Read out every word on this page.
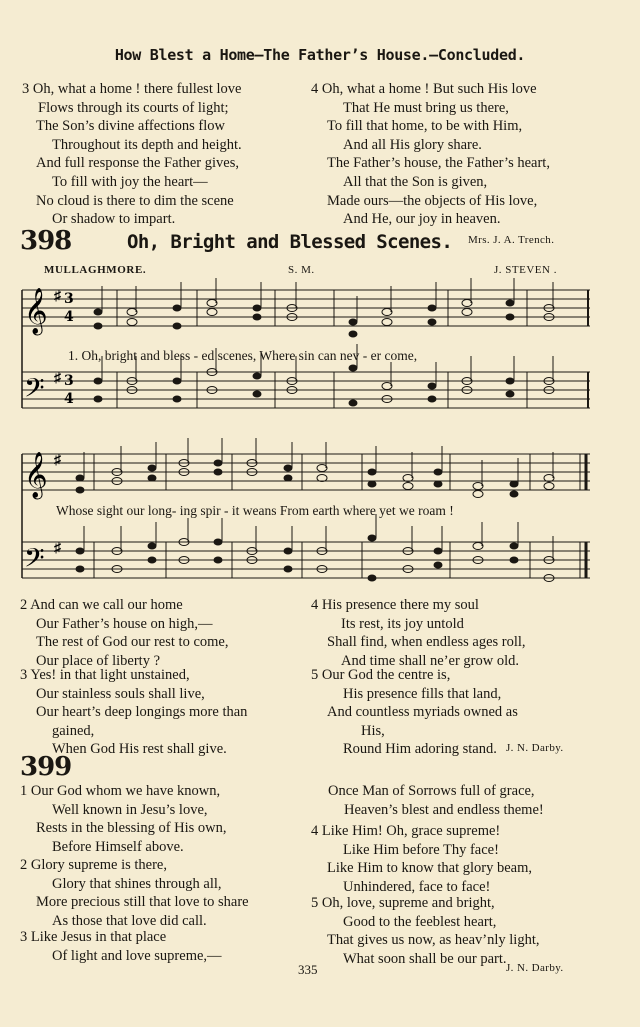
How Blest a Home—The Father’s House.—Concluded.
3 Oh, what a home ! there fullest love
Flows through its courts of light;
The Son’s divine affections flow
Throughout its depth and height.
And full response the Father gives,
To fill with joy the heart—
No cloud is there to dim the scene
Or shadow to impart.
4 Oh, what a home ! But such His love
That He must bring us there,
To fill that home, to be with Him,
And all His glory share.
The Father’s house, the Father’s heart,
All that the Son is given,
Made ours—the objects of His love,
And He, our joy in heaven.
Mrs. J. A. Trench.
398	Oh, Bright and Blessed Scenes.
MULLAGHMORE.	S. M.	J. STEVEN .
𝄞
𝄢
♯
♯
3
4
3
4
1. Oh, bright and bless - ed scenes, Where sin can nev - er come,
𝄞
𝄢
♯
♯
Whose sight our long- ing spir - it weans From earth where yet we roam !
2 And can we call our home
Our Father’s house on high,—
The rest of God our rest to come,
Our place of liberty ?
3 Yes! in that light unstained,
Our stainless souls shall live,
Our heart’s deep longings more than
gained,
When God His rest shall give.
4 His presence there my soul
Its rest, its joy untold
Shall find, when endless ages roll,
And time shall ne’er grow old.
5 Our God the centre is,
His presence fills that land,
And countless myriads owned as
His,
Round Him adoring stand. J. N. Darby.
399
1 Our God whom we have known,
Well known in Jesu’s love,
Rests in the blessing of His own,
Before Himself above.
2 Glory supreme is there,
Glory that shines through all,
More precious still that love to share
As those that love did call.
3 Like Jesus in that place
Of light and love supreme,—
Once Man of Sorrows full of grace,
Heaven’s blest and endless theme!
4 Like Him! Oh, grace supreme!
Like Him before Thy face!
Like Him to know that glory beam,
Unhindered, face to face!
5 Oh, love, supreme and bright,
Good to the feeblest heart,
That gives us now, as heav’nly light,
What soon shall be our part.
J. N. Darby.
335
